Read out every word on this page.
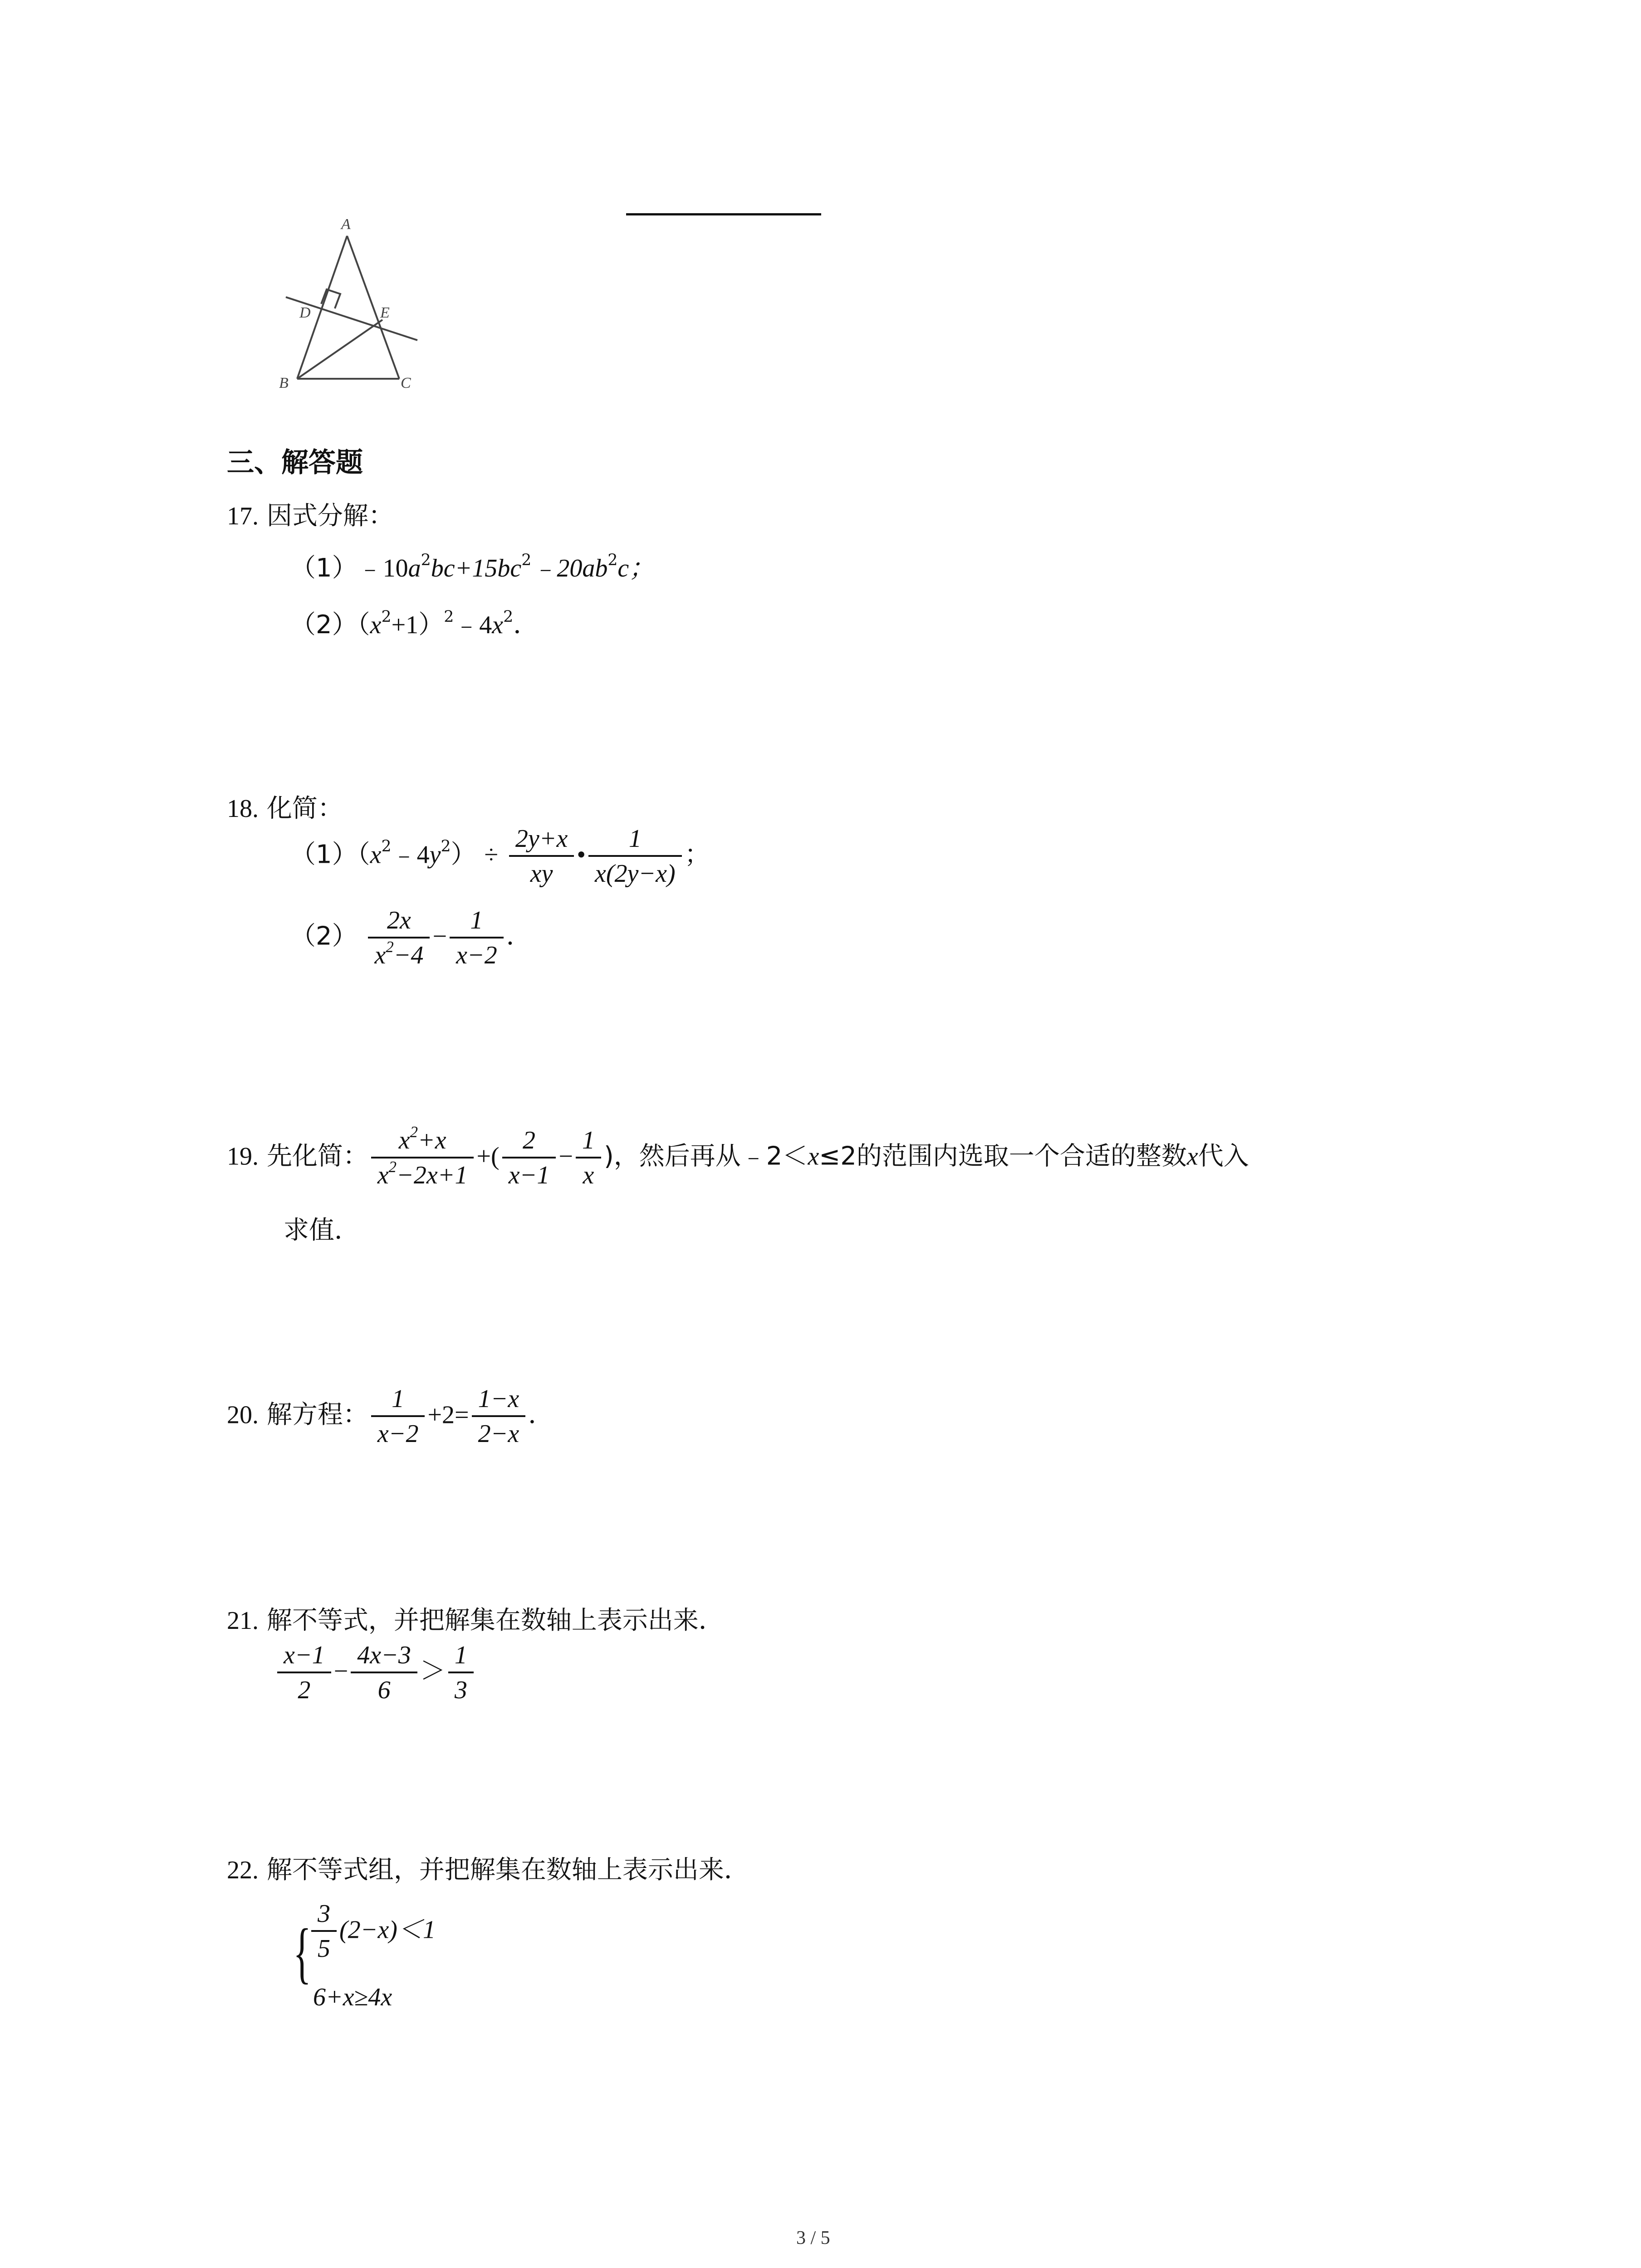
A
D	E
B	C
三、解答题
17. 因式分解：
$(1)﹣10a^2bc+15bc^2﹣20ab^2c$；
$(2)(x^2+1)^2﹣4x^2$．
18. 化简：
$(1)(x^2﹣4y^2) \div \frac{2y+x}{xy}$ • $\frac{1}{x(2y-x)}$ ；
$(2) \frac{2x}{x^2-4} - \frac{1}{x-2}$ ．
19. 先化简： $\frac{x^2+x}{x^2-2x+1}$ +( $\frac{2}{x-1} - \frac{1}{x}$ )，然后再从﹣2＜x≤2的范围内选取一个合适的整数x代入
求值．
20. 解方程： $\frac{1}{x-2} +2= \frac{1-x}{2-x}$ ．
21. 解不等式，并把解集在数轴上表示出来．
$\frac{x-1}{2} - \frac{4x-3}{6} > \frac{1}{3}$
22. 解不等式组，并把解集在数轴上表示出来．
{ $\frac{3}{5} (2-x)<1$
6+x≥4x
3 / 5
